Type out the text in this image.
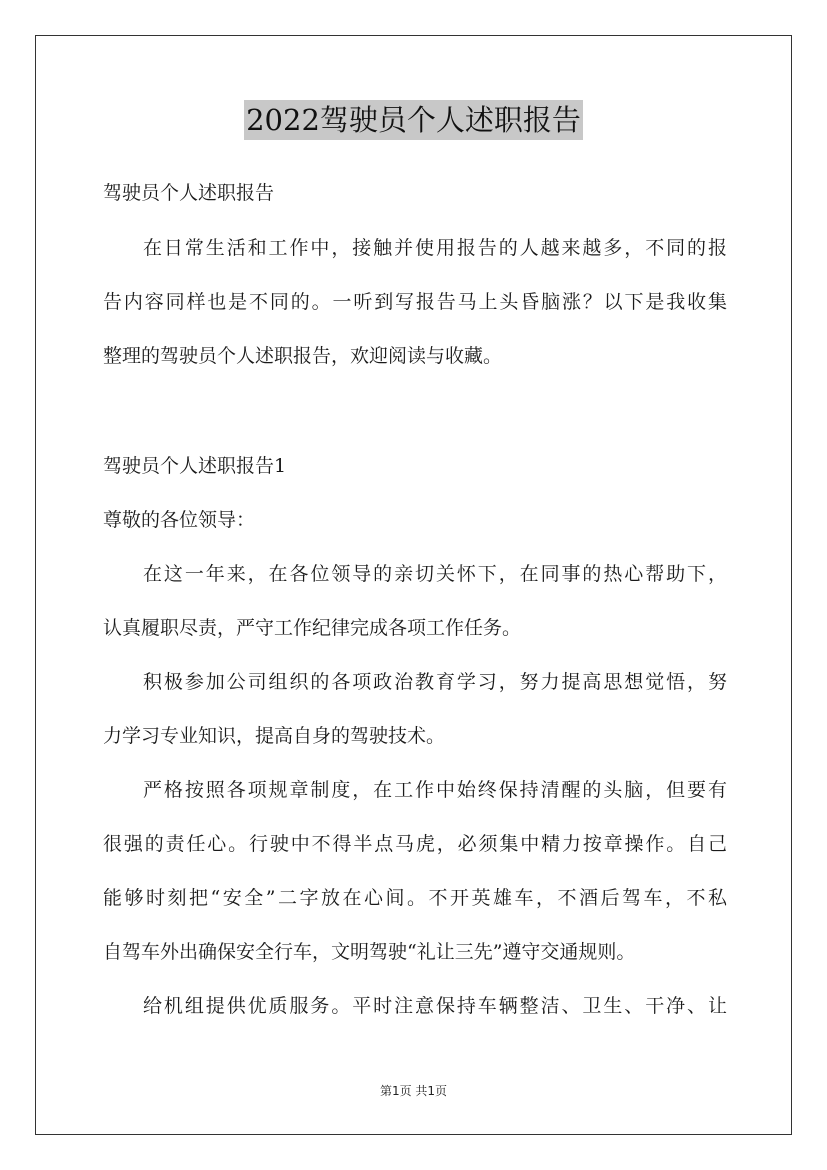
2022驾驶员个人述职报告
驾驶员个人述职报告
在日常生活和工作中，接触并使用报告的人越来越多，不同的报
告内容同样也是不同的。一听到写报告马上头昏脑涨？以下是我收集
整理的驾驶员个人述职报告，欢迎阅读与收藏。
驾驶员个人述职报告1
尊敬的各位领导：
在这一年来，在各位领导的亲切关怀下，在同事的热心帮助下，
认真履职尽责，严守工作纪律完成各项工作任务。
积极参加公司组织的各项政治教育学习，努力提高思想觉悟，努
力学习专业知识，提高自身的驾驶技术。
严格按照各项规章制度，在工作中始终保持清醒的头脑，但要有
很强的责任心。行驶中不得半点马虎，必须集中精力按章操作。自己
能够时刻把“安全”二字放在心间。不开英雄车，不酒后驾车，不私
自驾车外出确保安全行车，文明驾驶“礼让三先”遵守交通规则。
给机组提供优质服务。平时注意保持车辆整洁、卫生、干净、让
第1页 共1页
